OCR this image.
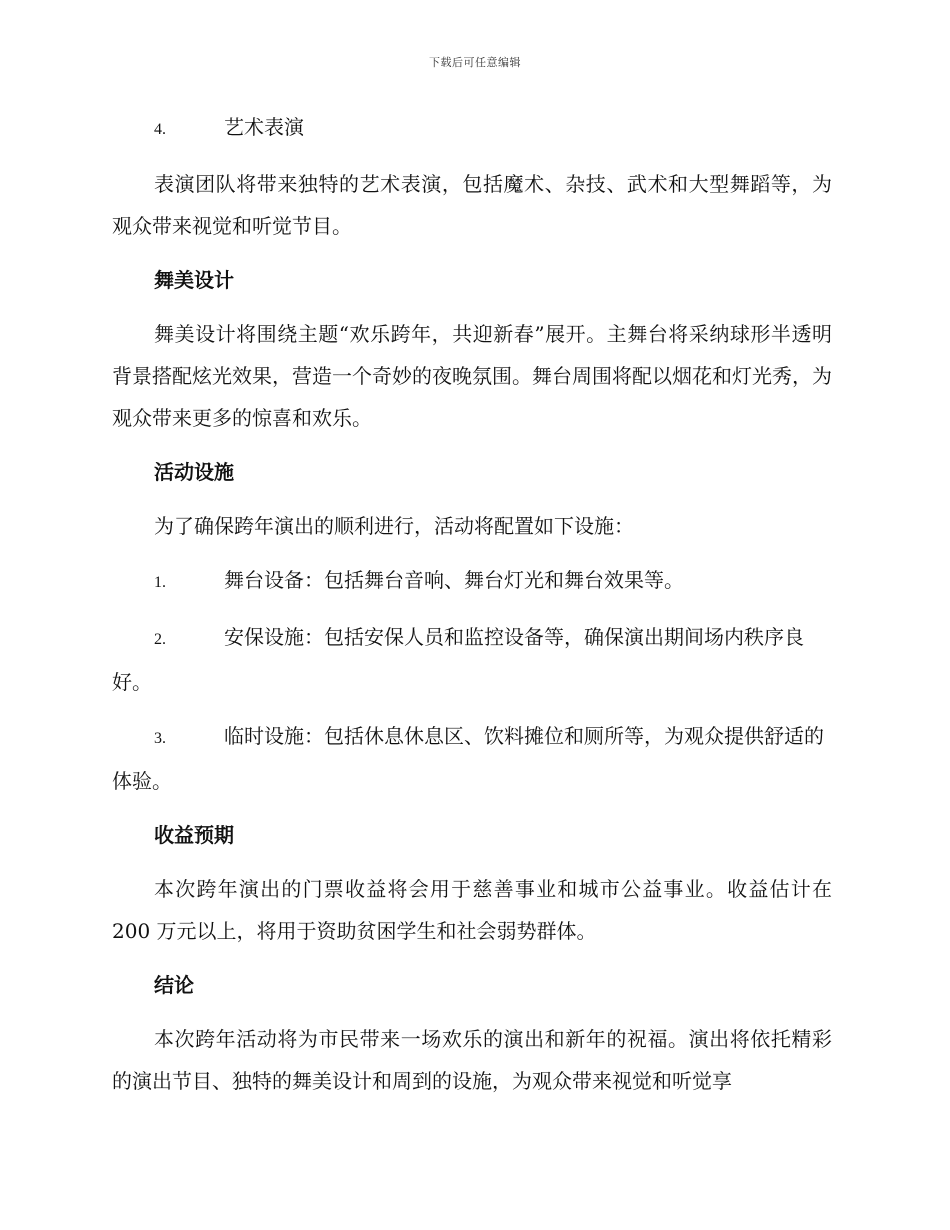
下载后可任意编辑
4.	艺术表演

表演团队将带来独特的艺术表演，包括魔术、杂技、武术和大型舞蹈等，为观众带来视觉和听觉节目。

舞美设计

舞美设计将围绕主题“欢乐跨年，共迎新春”展开。主舞台将采纳球形半透明背景搭配炫光效果，营造一个奇妙的夜晚氛围。舞台周围将配以烟花和灯光秀，为观众带来更多的惊喜和欢乐。

活动设施

为了确保跨年演出的顺利进行，活动将配置如下设施：

1.	舞台设备：包括舞台音响、舞台灯光和舞台效果等。
2.	安保设施：包括安保人员和监控设备等，确保演出期间场内秩序良好。
3.	临时设施：包括休息休息区、饮料摊位和厕所等，为观众提供舒适的体验。
收益预期

本次跨年演出的门票收益将会用于慈善事业和城市公益事业。收益估计在 200 万元以上，将用于资助贫困学生和社会弱势群体。

结论

本次跨年活动将为市民带来一场欢乐的演出和新年的祝福。演出将依托精彩的演出节目、独特的舞美设计和周到的设施，为观众带来视觉和听觉享
